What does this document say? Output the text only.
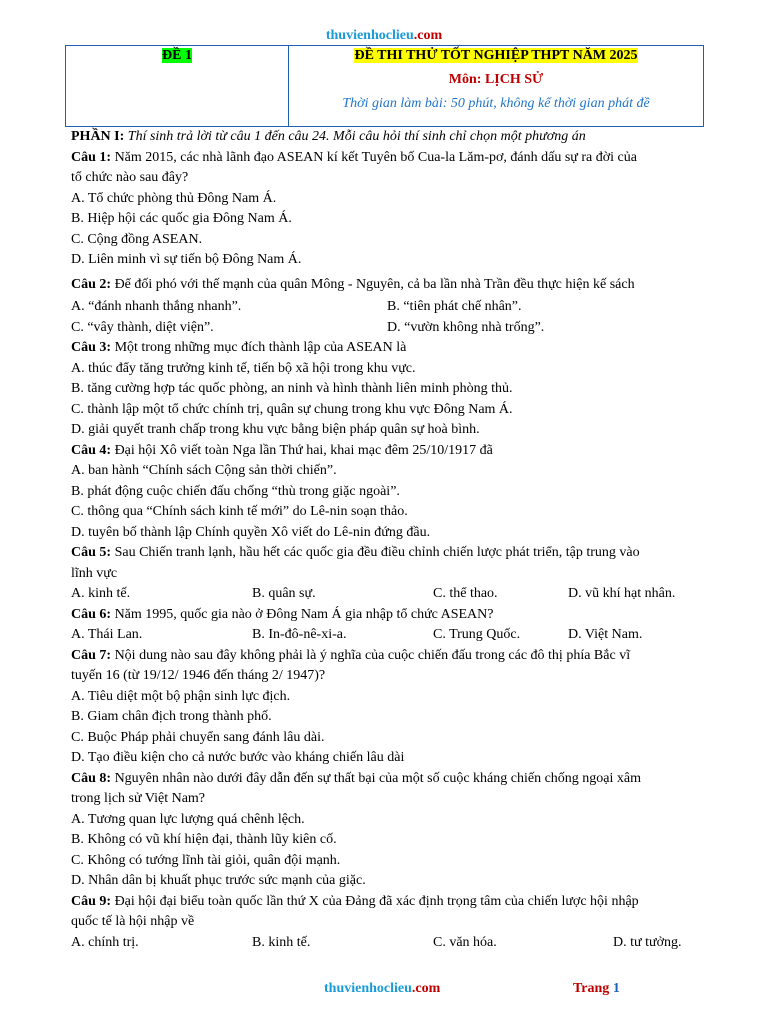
thuvienhoclieu.com
ĐỀ 1	ĐỀ THI THỬ TỐT NGHIỆP THPT NĂM 2025
Môn: LỊCH SỬ
Thời gian làm bài: 50 phút, không kể thời gian phát đề
PHẦN I: Thí sinh trả lời từ câu 1 đến câu 24. Mỗi câu hỏi thí sinh chỉ chọn một phương án
Câu 1: Năm 2015, các nhà lãnh đạo ASEAN kí kết Tuyên bố Cua-la Lăm-pơ, đánh dấu sự ra đời của
tổ chức nào sau đây?
A. Tổ chức phòng thủ Đông Nam Á.
B. Hiệp hội các quốc gia Đông Nam Á.
C. Cộng đồng ASEAN.
D. Liên minh vì sự tiến bộ Đông Nam Á.
Câu 2: Để đối phó với thế mạnh của quân Mông - Nguyên, cả ba lần nhà Trần đều thực hiện kế sách
A. “đánh nhanh thắng nhanh”.	B. “tiên phát chế nhân”.
C. “vây thành, diệt viện”.	D. “vườn không nhà trống”.
Câu 3: Một trong những mục đích thành lập của ASEAN là
A. thúc đẩy tăng trưởng kinh tế, tiến bộ xã hội trong khu vực.
B. tăng cường hợp tác quốc phòng, an ninh và hình thành liên minh phòng thủ.
C. thành lập một tổ chức chính trị, quân sự chung trong khu vực Đông Nam Á.
D. giải quyết tranh chấp trong khu vực bằng biện pháp quân sự hoà bình.
Câu 4: Đại hội Xô viết toàn Nga lần Thứ hai, khai mạc đêm 25/10/1917 đã
A. ban hành “Chính sách Cộng sản thời chiến”.
B. phát động cuộc chiến đấu chống “thù trong giặc ngoài”.
C. thông qua “Chính sách kinh tế mới” do Lê-nin soạn thảo.
D. tuyên bố thành lập Chính quyền Xô viết do Lê-nin đứng đầu.
Câu 5: Sau Chiến tranh lạnh, hầu hết các quốc gia đều điều chỉnh chiến lược phát triển, tập trung vào
lĩnh vực
A. kinh tế.	B. quân sự.	C. thể thao.	D. vũ khí hạt nhân.
Câu 6: Năm 1995, quốc gia nào ở Đông Nam Á gia nhập tổ chức ASEAN?
A. Thái Lan.	B. In-đô-nê-xi-a.	C. Trung Quốc.	D. Việt Nam.
Câu 7: Nội dung nào sau đây không phải là ý nghĩa của cuộc chiến đấu trong các đô thị phía Bắc vĩ
tuyến 16 (từ 19/12/ 1946 đến tháng 2/ 1947)?
A. Tiêu diệt một bộ phận sinh lực địch.
B. Giam chân địch trong thành phố.
C. Buộc Pháp phải chuyển sang đánh lâu dài.
D. Tạo điều kiện cho cả nước bước vào kháng chiến lâu dài
Câu 8: Nguyên nhân nào dưới đây dẫn đến sự thất bại của một số cuộc kháng chiến chống ngoại xâm
trong lịch sử Việt Nam?
A. Tương quan lực lượng quá chênh lệch.
B. Không có vũ khí hiện đại, thành lũy kiên cố.
C. Không có tướng lĩnh tài giỏi, quân đội mạnh.
D. Nhân dân bị khuất phục trước sức mạnh của giặc.
Câu 9: Đại hội đại biểu toàn quốc lần thứ X của Đảng đã xác định trọng tâm của chiến lược hội nhập
quốc tế là hội nhập về
A. chính trị.	B. kinh tế.	C. văn hóa.	D. tư tưởng.
thuvienhoclieu.com	Trang 1
